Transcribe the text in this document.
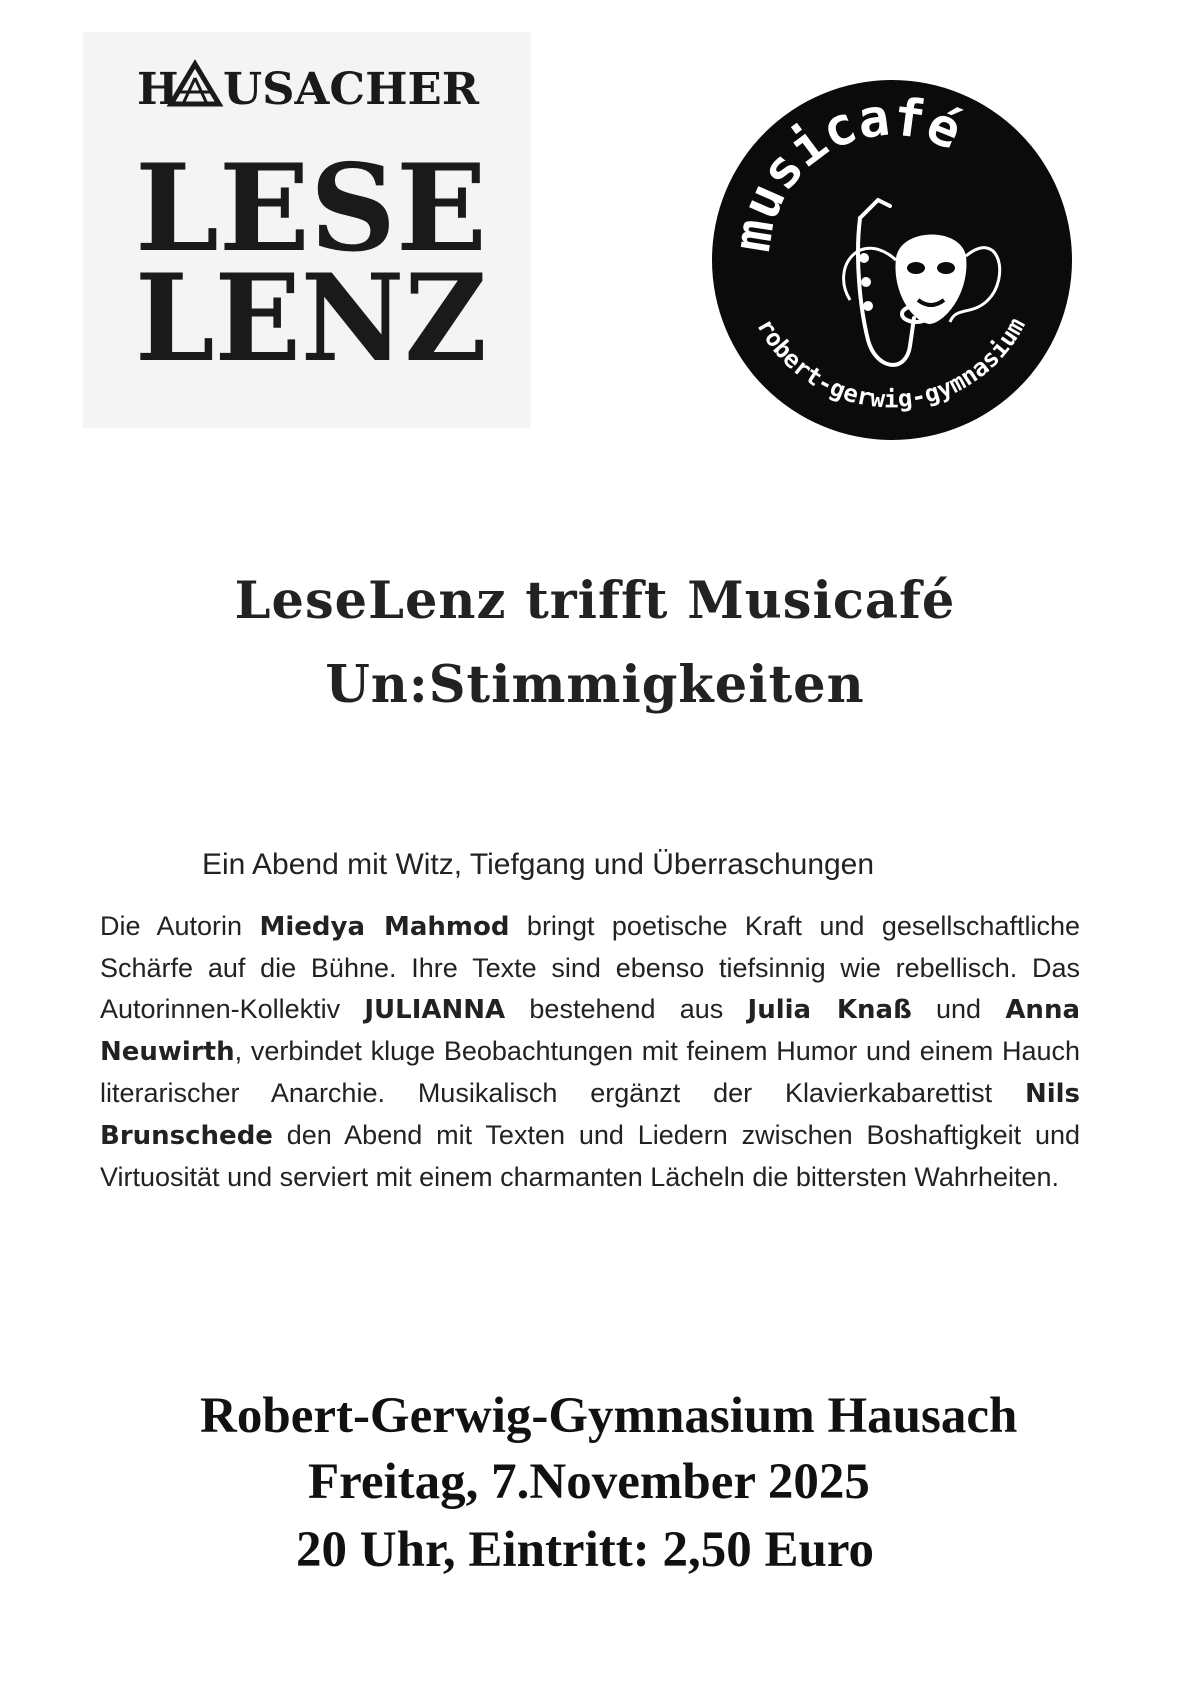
H USACHER
LESE
LENZ
musicafé
robert-gerwig-gymnasium
LeseLenz trifft Musicafé
Un:Stimmigkeiten
Ein Abend mit Witz, Tiefgang und Überraschungen
Die Autorin Miedya Mahmod bringt poetische Kraft und gesellschaftliche Schärfe auf die Bühne. Ihre Texte sind ebenso tiefsinnig wie rebellisch. Das Autorinnen-Kollektiv JULIANNA bestehend aus Julia Knaß und Anna Neuwirth, verbindet kluge Beobachtungen mit feinem Humor und einem Hauch literarischer Anarchie. Musikalisch ergänzt der Klavierkabarettist Nils Brunschede den Abend mit Texten und Liedern zwischen Boshaftigkeit und Virtuosität und serviert mit einem charmanten Lächeln die bittersten Wahrheiten.
Robert-Gerwig-Gymnasium Hausach
Freitag, 7.November 2025
20 Uhr, Eintritt: 2,50 Euro
